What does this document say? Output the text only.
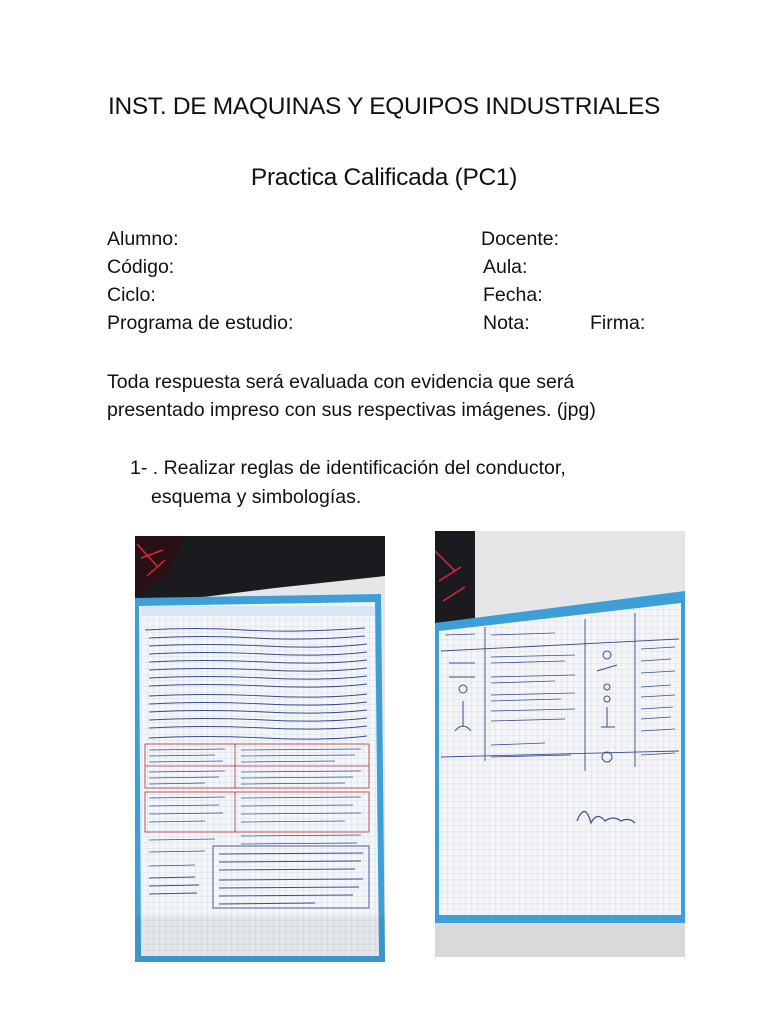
INST. DE MAQUINAS Y EQUIPOS INDUSTRIALES
Practica Calificada (PC1)
Alumno:
Código:
Ciclo:
Programa de estudio:
Docente:
Aula:
Fecha:
Nota:	Firma:
Toda respuesta será evaluada con evidencia que será
presentado impreso con sus respectivas imágenes. (jpg)
1- . Realizar reglas de identificación del conductor,
esquema y simbologías.
